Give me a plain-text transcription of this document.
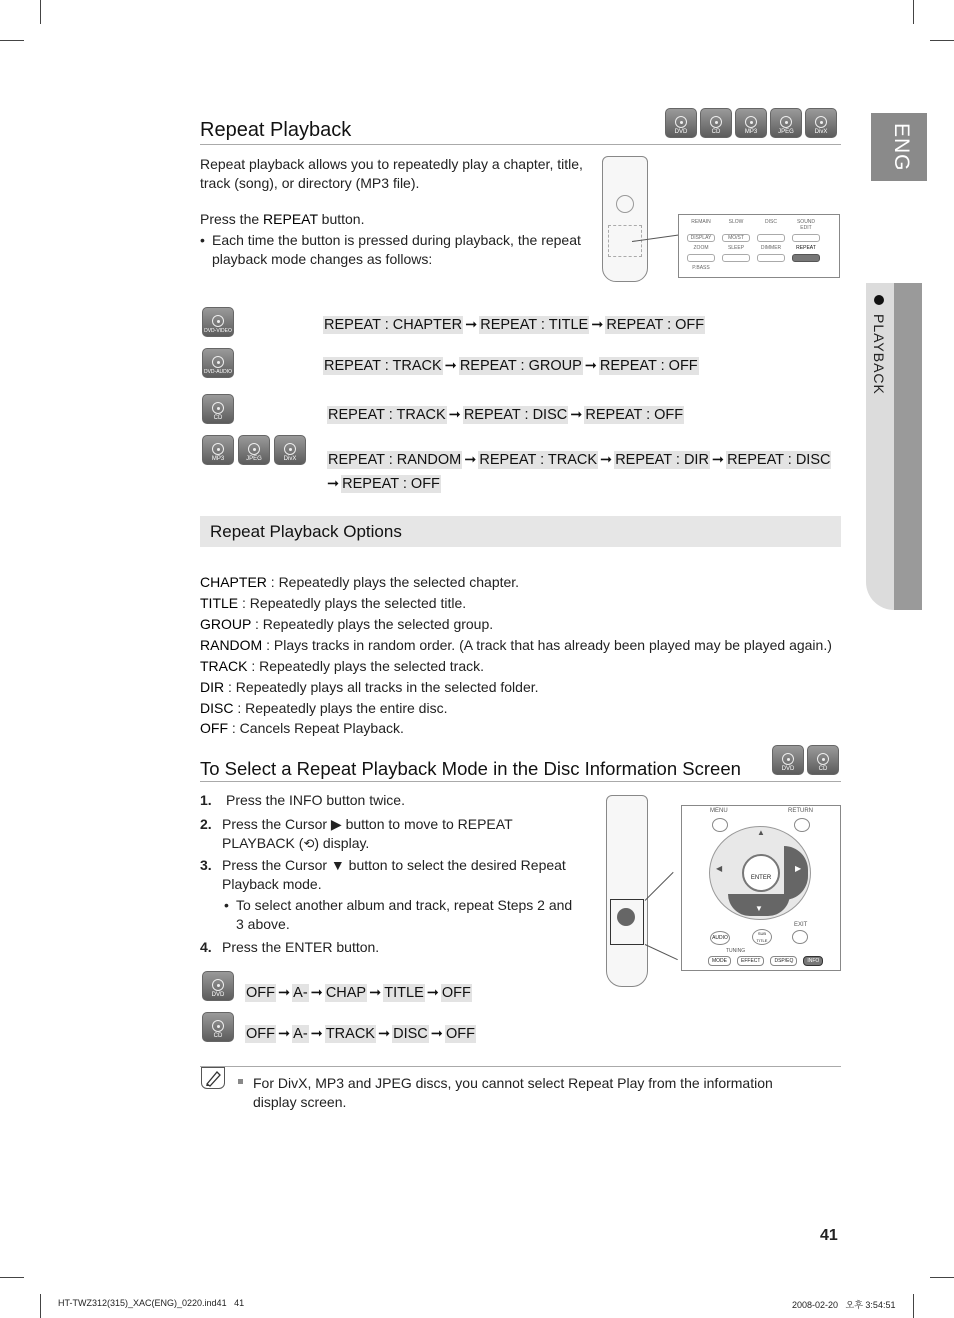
ENG
PLAYBACK
Repeat Playback	DVD	CD	MP3	JPEG	DivX
Repeat playback allows you to repeatedly play a chapter, title, track (song), or directory (MP3 file).
Press the REPEAT button.
• Each time the button is pressed during playback, the repeat playback mode changes as follows:
REMAIN	SLOW	DISC	SOUND EDIT
DISPLAY	MO/ST
ZOOM	SLEEP	DIMMER	REPEAT
P.BASS
DVD-VIDEO	REPEAT : CHAPTER ➞ REPEAT : TITLE ➞ REPEAT : OFF
DVD-AUDIO	REPEAT : TRACK ➞ REPEAT : GROUP ➞ REPEAT : OFF
CD	REPEAT : TRACK ➞ REPEAT : DISC ➞ REPEAT : OFF
MP3	JPEG	DivX REPEAT : RANDOM ➞ REPEAT : TRACK ➞ REPEAT : DIR ➞ REPEAT : DISC
➞ REPEAT : OFF
Repeat Playback Options
CHAPTER : Repeatedly plays the selected chapter.
TITLE : Repeatedly plays the selected title.
GROUP : Repeatedly plays the selected group.
RANDOM : Plays tracks in random order. (A track that has already been played may be played again.)
TRACK : Repeatedly plays the selected track.
DIR : Repeatedly plays all tracks in the selected folder.
DISC : Repeatedly plays the entire disc.
OFF : Cancels Repeat Playback.
To Select a Repeat Playback Mode in the Disc Information Screen	DVD	CD
1.	Press the INFO button twice.
2. Press the Cursor ▶ button to move to REPEAT PLAYBACK (⟲) display.
3. Press the Cursor ▼ button to select the desired Repeat Playback mode.
• To select another album and track, repeat Steps 2 and 3 above.
4. Press the ENTER button.
MENU	RETURN
ENTER
▲
◀	▶
▼
EXIT
AUDIO
SUB TITLE
TUNING
MODE	EFFECT	DSP/EQ	INFO
DVD OFF ➞ A- ➞ CHAP ➞ TITLE ➞ OFF
CD OFF ➞ A- ➞ TRACK ➞ DISC ➞ OFF
For DivX, MP3 and JPEG discs, you cannot select Repeat Play from the information display screen.
41
HT-TWZ312(315)_XAC(ENG)_0220.ind41   41	2008-02-20   오후 3:54:51
